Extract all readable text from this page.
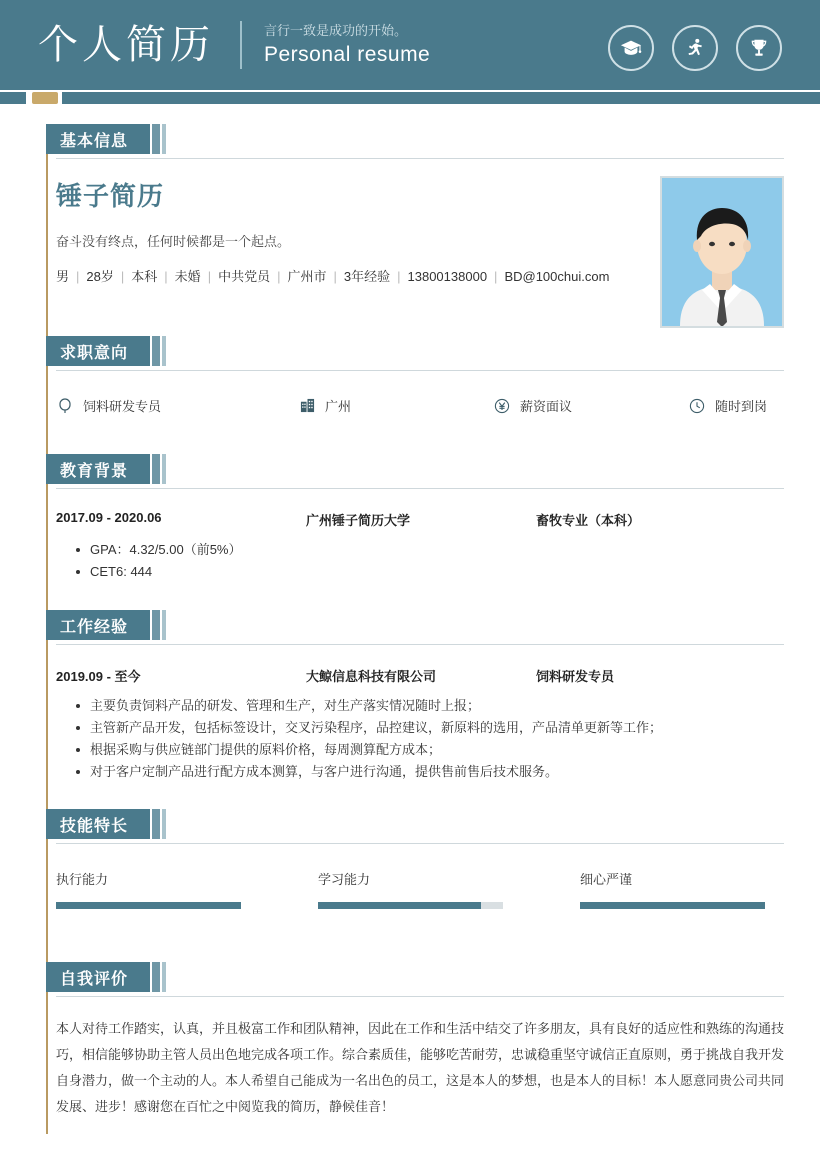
个人简历	言行一致是成功的开始。
Personal resume
基本信息
锤子简历
奋斗没有终点，任何时候都是一个起点。
男 | 28岁 | 本科 | 未婚 | 中共党员 | 广州市 | 3年经验 | 13800138000 | BD@100chui.com
求职意向
饲料研发专员	广州	薪资面议	随时到岗
教育背景
2017.09 - 2020.06	广州锤子简历大学	畜牧专业（本科）
GPA：4.32/5.00（前5%）
CET6: 444
工作经验
2019.09 - 至今	大鲸信息科技有限公司	饲料研发专员
主要负责饲料产品的研发、管理和生产，对生产落实情况随时上报；
主管新产品开发，包括标签设计，交叉污染程序，品控建议，新原料的选用，产品清单更新等工作；
根据采购与供应链部门提供的原料价格，每周测算配方成本；
对于客户定制产品进行配方成本测算，与客户进行沟通，提供售前售后技术服务。
技能特长
执行能力	学习能力	细心严谨
自我评价
本人对待工作踏实，认真，并且极富工作和团队精神，因此在工作和生活中结交了许多朋友，具有良好的适应性和熟练的沟通技巧，相信能够协助主管人员出色地完成各项工作。综合素质佳，能够吃苦耐劳，忠诚稳重坚守诚信正直原则，勇于挑战自我开发自身潜力，做一个主动的人。本人希望自己能成为一名出色的员工，这是本人的梦想，也是本人的目标！本人愿意同贵公司共同发展、进步！感谢您在百忙之中阅览我的简历，静候佳音！
